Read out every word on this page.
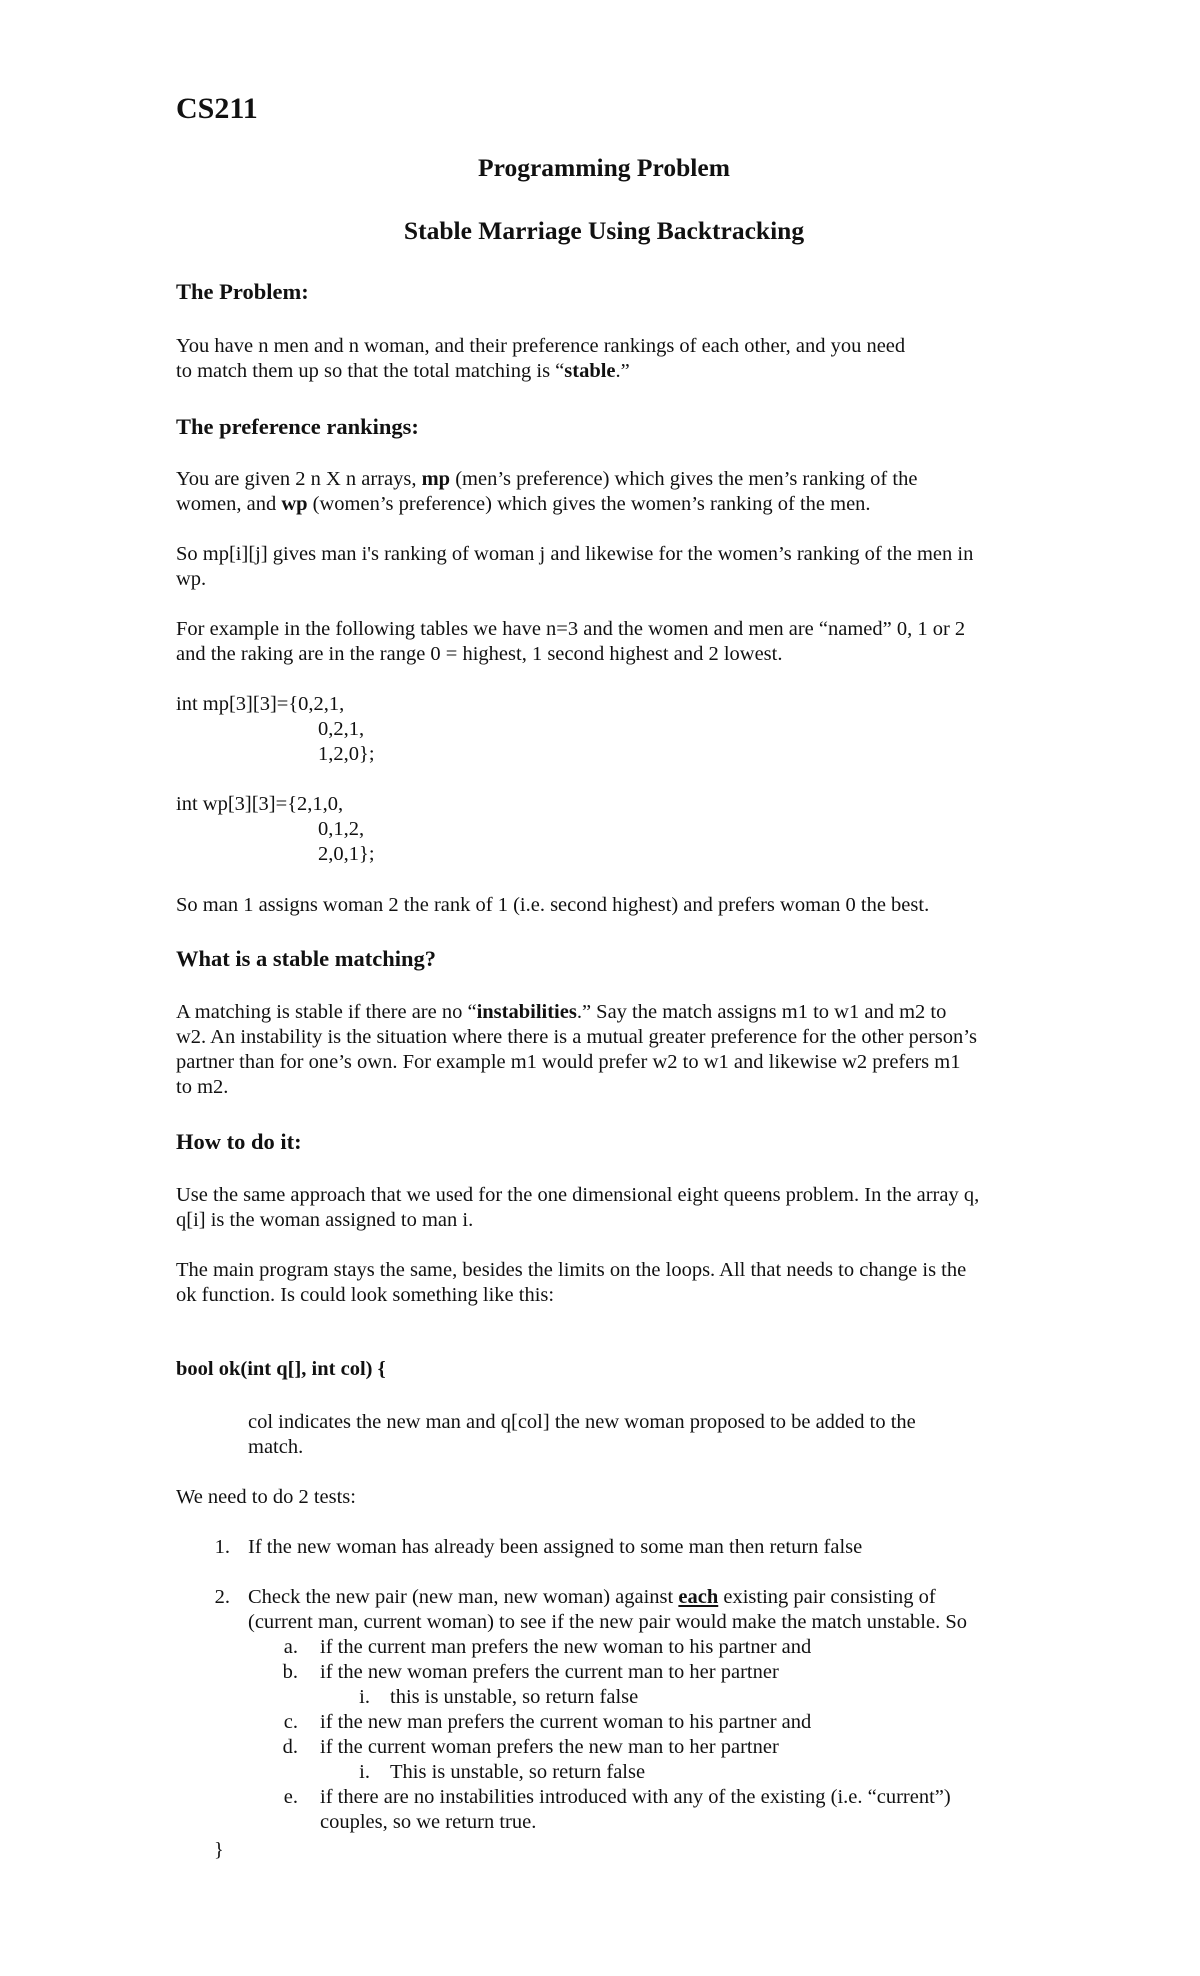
CS211
Programming Problem
Stable Marriage Using Backtracking
The Problem:
You have n men and n woman, and their preference rankings of each other, and you need
to match them up so that the total matching is “stable.”
The preference rankings:
You are given 2 n X n arrays, mp (men’s preference) which gives the men’s ranking of the
women, and wp (women’s preference) which gives the women’s ranking of the men.
So mp[i][j] gives man i's ranking of woman j and likewise for the women’s ranking of the men in
wp.
For example in the following tables we have n=3 and the women and men are “named” 0, 1 or 2
and the raking are in the range 0 = highest, 1 second highest and 2 lowest.
int mp[3][3]={0,2,1,
0,2,1,
1,2,0};
int wp[3][3]={2,1,0,
0,1,2,
2,0,1};
So man 1 assigns woman 2 the rank of 1 (i.e. second highest) and prefers woman 0 the best.
What is a stable matching?
A matching is stable if there are no “instabilities.” Say the match assigns m1 to w1 and m2 to
w2. An instability is the situation where there is a mutual greater preference for the other person’s
partner than for one’s own. For example m1 would prefer w2 to w1 and likewise w2 prefers m1
to m2.
How to do it:
Use the same approach that we used for the one dimensional eight queens problem. In the array q,
q[i] is the woman assigned to man i.
The main program stays the same, besides the limits on the loops. All that needs to change is the
ok function. Is could look something like this:
bool ok(int q[], int col) {
col indicates the new man and q[col] the new woman proposed to be added to the
match.
We need to do 2 tests:
1. If the new woman has already been assigned to some man then return false
2. Check the new pair (new man, new woman) against each existing pair consisting of
(current man, current woman) to see if the new pair would make the match unstable. So
a. if the current man prefers the new woman to his partner and
b. if the new woman prefers the current man to her partner
i. this is unstable, so return false
c. if the new man prefers the current woman to his partner and
d. if the current woman prefers the new man to her partner
i. This is unstable, so return false
e. if there are no instabilities introduced with any of the existing (i.e. “current”)
couples, so we return true.
}
